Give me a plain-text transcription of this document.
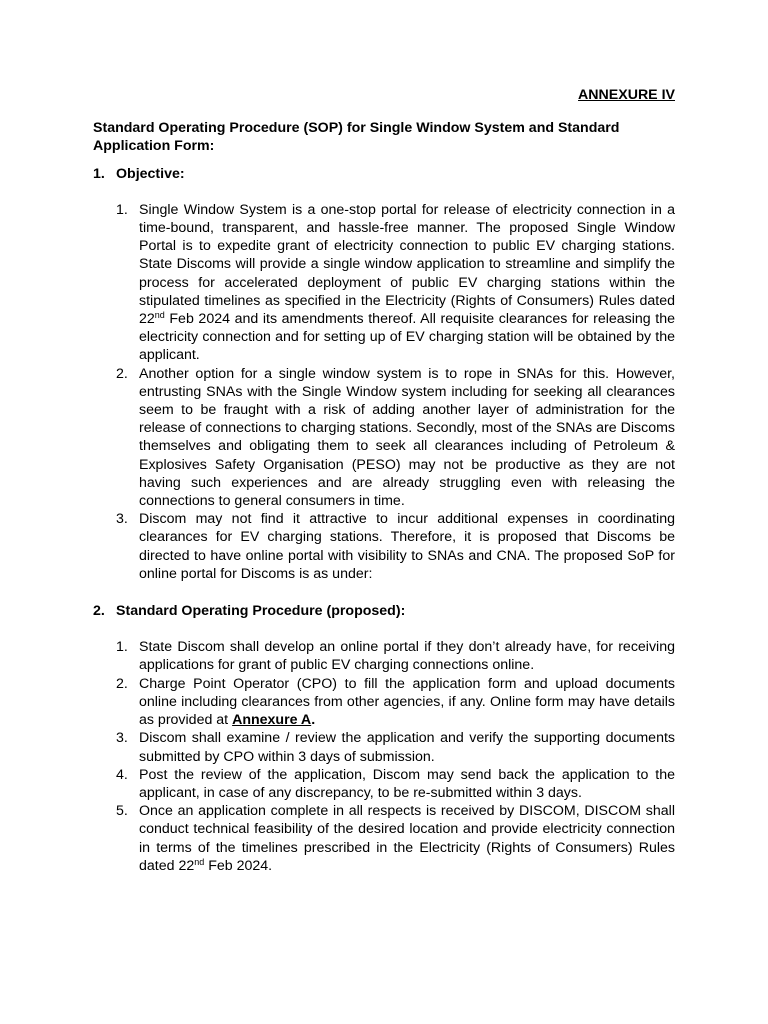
ANNEXURE IV

Standard Operating Procedure (SOP) for Single Window System and Standard Application Form:

1. Objective:
1. Single Window System is a one-stop portal for release of electricity connection in a time-bound, transparent, and hassle-free manner. The proposed Single Window Portal is to expedite grant of electricity connection to public EV charging stations. State Discoms will provide a single window application to streamline and simplify the process for accelerated deployment of public EV charging stations within the stipulated timelines as specified in the Electricity (Rights of Consumers) Rules dated 22nd Feb 2024 and its amendments thereof. All requisite clearances for releasing the electricity connection and for setting up of EV charging station will be obtained by the applicant.
2. Another option for a single window system is to rope in SNAs for this. However, entrusting SNAs with the Single Window system including for seeking all clearances seem to be fraught with a risk of adding another layer of administration for the release of connections to charging stations. Secondly, most of the SNAs are Discoms themselves and obligating them to seek all clearances including of Petroleum & Explosives Safety Organisation (PESO) may not be productive as they are not having such experiences and are already struggling even with releasing the connections to general consumers in time.
3. Discom may not find it attractive to incur additional expenses in coordinating clearances for EV charging stations. Therefore, it is proposed that Discoms be directed to have online portal with visibility to SNAs and CNA. The proposed SoP for online portal for Discoms is as under:
2. Standard Operating Procedure (proposed):
1. State Discom shall develop an online portal if they don’t already have, for receiving applications for grant of public EV charging connections online.
2. Charge Point Operator (CPO) to fill the application form and upload documents online including clearances from other agencies, if any. Online form may have details as provided at Annexure A.
3. Discom shall examine / review the application and verify the supporting documents submitted by CPO within 3 days of submission.
4. Post the review of the application, Discom may send back the application to the applicant, in case of any discrepancy, to be re-submitted within 3 days.
5. Once an application complete in all respects is received by DISCOM, DISCOM shall conduct technical feasibility of the desired location and provide electricity connection in terms of the timelines prescribed in the Electricity (Rights of Consumers) Rules dated 22nd Feb 2024.
